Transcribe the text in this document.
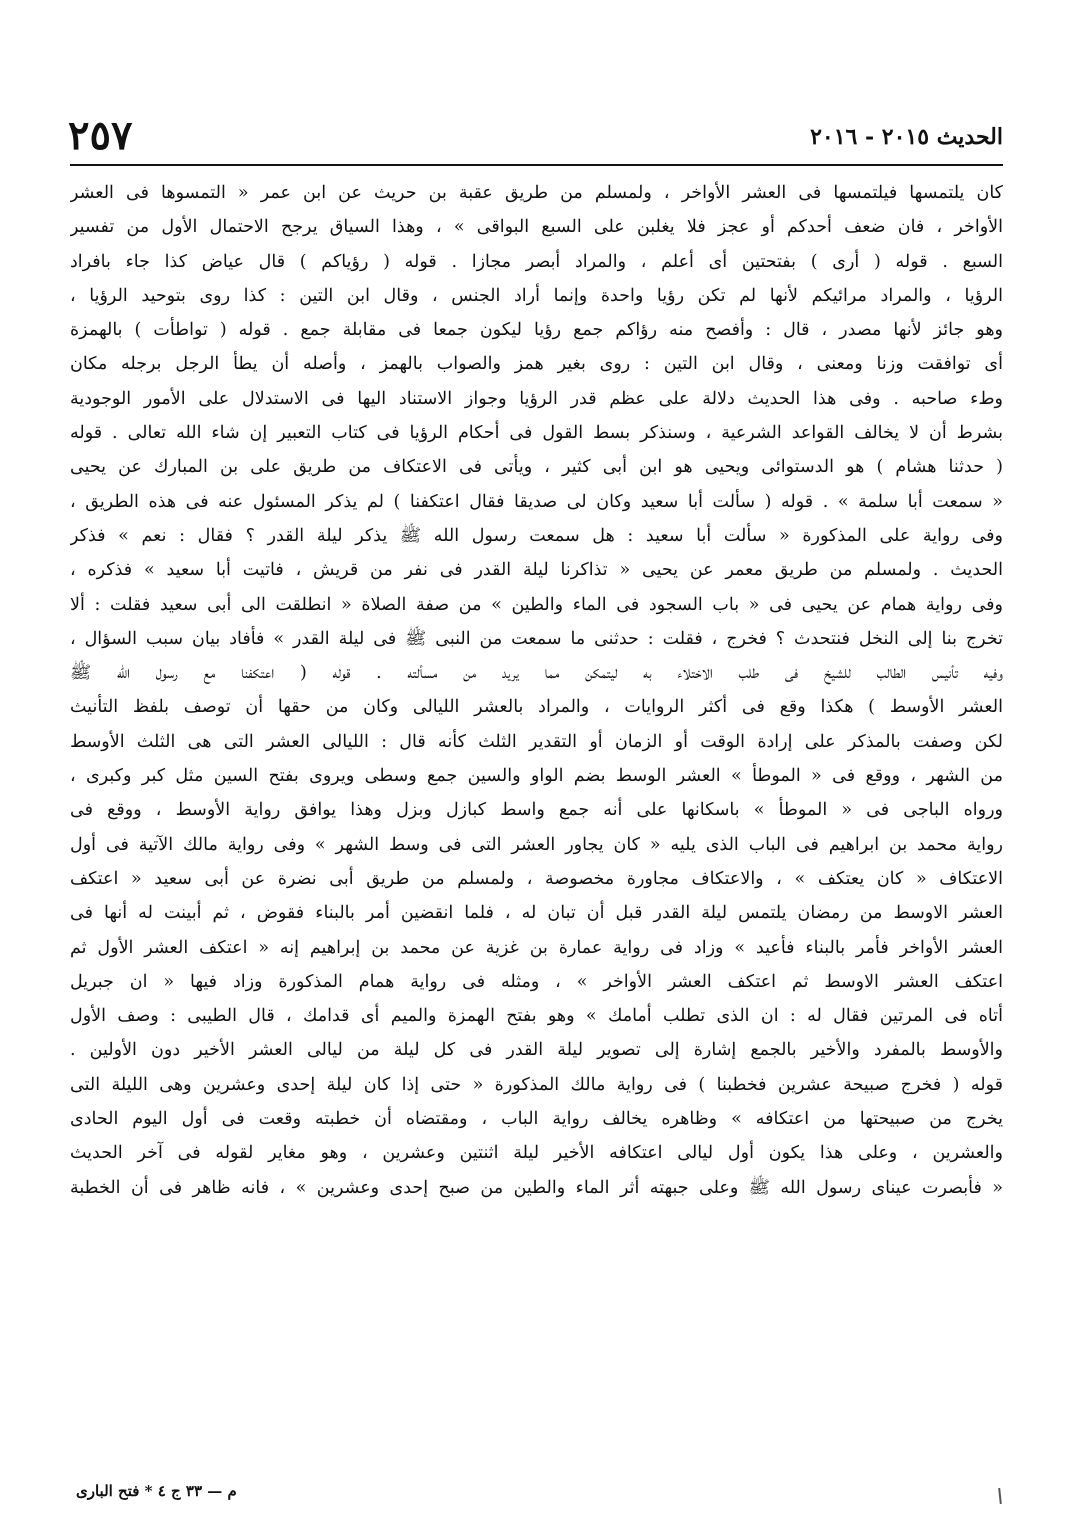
الحديث ٢٠١٥ - ٢٠١٦
٢٥٧
كان يلتمسها فيلتمسها فى العشر الأواخر ، ولمسلم من طريق عقبة بن حريث عن ابن عمر « التمسوها فى العشر
الأواخر ، فان ضعف أحدكم أو عجز فلا يغلبن على السبع البواقى » ، وهذا السياق يرجح الاحتمال الأول من تفسير
السبع . قوله ( أرى ) بفتحتين أى أعلم ، والمراد أبصر مجازا . قوله ( رؤياكم ) قال عياض كذا جاء بافراد
الرؤيا ، والمراد مرائيكم لأنها لم تكن رؤيا واحدة وإنما أراد الجنس ، وقال ابن التين : كذا روى بتوحيد الرؤيا ،
وهو جائز لأنها مصدر ، قال : وأفصح منه رؤاكم جمع رؤيا ليكون جمعا فى مقابلة جمع . قوله ( تواطأت ) بالهمزة
أى توافقت وزنا ومعنى ، وقال ابن التين : روى بغير همز والصواب بالهمز ، وأصله أن يطأ الرجل برجله مكان
وطء صاحبه . وفى هذا الحديث دلالة على عظم قدر الرؤيا وجواز الاستناد اليها فى الاستدلال على الأمور الوجودية
بشرط أن لا يخالف القواعد الشرعية ، وسنذكر بسط القول فى أحكام الرؤيا فى كتاب التعبير إن شاء الله تعالى . قوله
( حدثنا هشام ) هو الدستوائى ويحيى هو ابن أبى كثير ، ويأتى فى الاعتكاف من طريق على بن المبارك عن يحيى
« سمعت أبا سلمة » . قوله ( سألت أبا سعيد وكان لى صديقا فقال اعتكفنا ) لم يذكر المسئول عنه فى هذه الطريق ،
وفى رواية على المذكورة « سألت أبا سعيد : هل سمعت رسول الله ﷺ يذكر ليلة القدر ؟ فقال : نعم » فذكر
الحديث . ولمسلم من طريق معمر عن يحيى « تذاكرنا ليلة القدر فى نفر من قريش ، فاتيت أبا سعيد » فذكره ،
وفى رواية همام عن يحيى فى « باب السجود فى الماء والطين » من صفة الصلاة « انطلقت الى أبى سعيد فقلت : ألا
تخرج بنا إلى النخل فنتحدث ؟ فخرج ، فقلت : حدثنى ما سمعت من النبى ﷺ فى ليلة القدر » فأفاد بيان سبب السؤال ،
وفيه تأنيس الطالب للشيخ فى طلب الاختلاء به ليتمكن مما يريد من مسألته . قوله ( اعتكفنا مع رسول الله ﷺ
العشر الأوسط ) هكذا وقع فى أكثر الروايات ، والمراد بالعشر الليالى وكان من حقها أن توصف بلفظ التأنيث
لكن وصفت بالمذكر على إرادة الوقت أو الزمان أو التقدير الثلث كأنه قال : الليالى العشر التى هى الثلث الأوسط
من الشهر ، ووقع فى « الموطأ » العشر الوسط بضم الواو والسين جمع وسطى ويروى بفتح السين مثل كبر وكبرى ،
ورواه الباجى فى « الموطأ » باسكانها على أنه جمع واسط كبازل وبزل وهذا يوافق رواية الأوسط ، ووقع فى
رواية محمد بن ابراهيم فى الباب الذى يليه « كان يجاور العشر التى فى وسط الشهر » وفى رواية مالك الآتية فى أول
الاعتكاف « كان يعتكف » ، والاعتكاف مجاورة مخصوصة ، ولمسلم من طريق أبى نضرة عن أبى سعيد « اعتكف
العشر الاوسط من رمضان يلتمس ليلة القدر قبل أن تبان له ، فلما انقضين أمر بالبناء فقوض ، ثم أبينت له أنها فى
العشر الأواخر فأمر بالبناء فأعيد » وزاد فى رواية عمارة بن غزية عن محمد بن إبراهيم إنه « اعتكف العشر الأول ثم
اعتكف العشر الاوسط ثم اعتكف العشر الأواخر » ، ومثله فى رواية همام المذكورة وزاد فيها « ان جبريل
أتاه فى المرتين فقال له : ان الذى تطلب أمامك » وهو بفتح الهمزة والميم أى قدامك ، قال الطيبى : وصف الأول
والأوسط بالمفرد والأخير بالجمع إشارة إلى تصوير ليلة القدر فى كل ليلة من ليالى العشر الأخير دون الأولين .
قوله ( فخرج صبيحة عشرين فخطبنا ) فى رواية مالك المذكورة « حتى إذا كان ليلة إحدى وعشرين وهى الليلة التى
يخرج من صبيحتها من اعتكافه » وظاهره يخالف رواية الباب ، ومقتضاه أن خطبته وقعت فى أول اليوم الحادى
والعشرين ، وعلى هذا يكون أول ليالى اعتكافه الأخير ليلة اثنتين وعشرين ، وهو مغاير لقوله فى آخر الحديث
« فأبصرت عيناى رسول الله ﷺ وعلى جبهته أثر الماء والطين من صبح إحدى وعشرين » ، فانه ظاهر فى أن الخطبة
م — ٣٣ ج ٤ * فتح البارى
